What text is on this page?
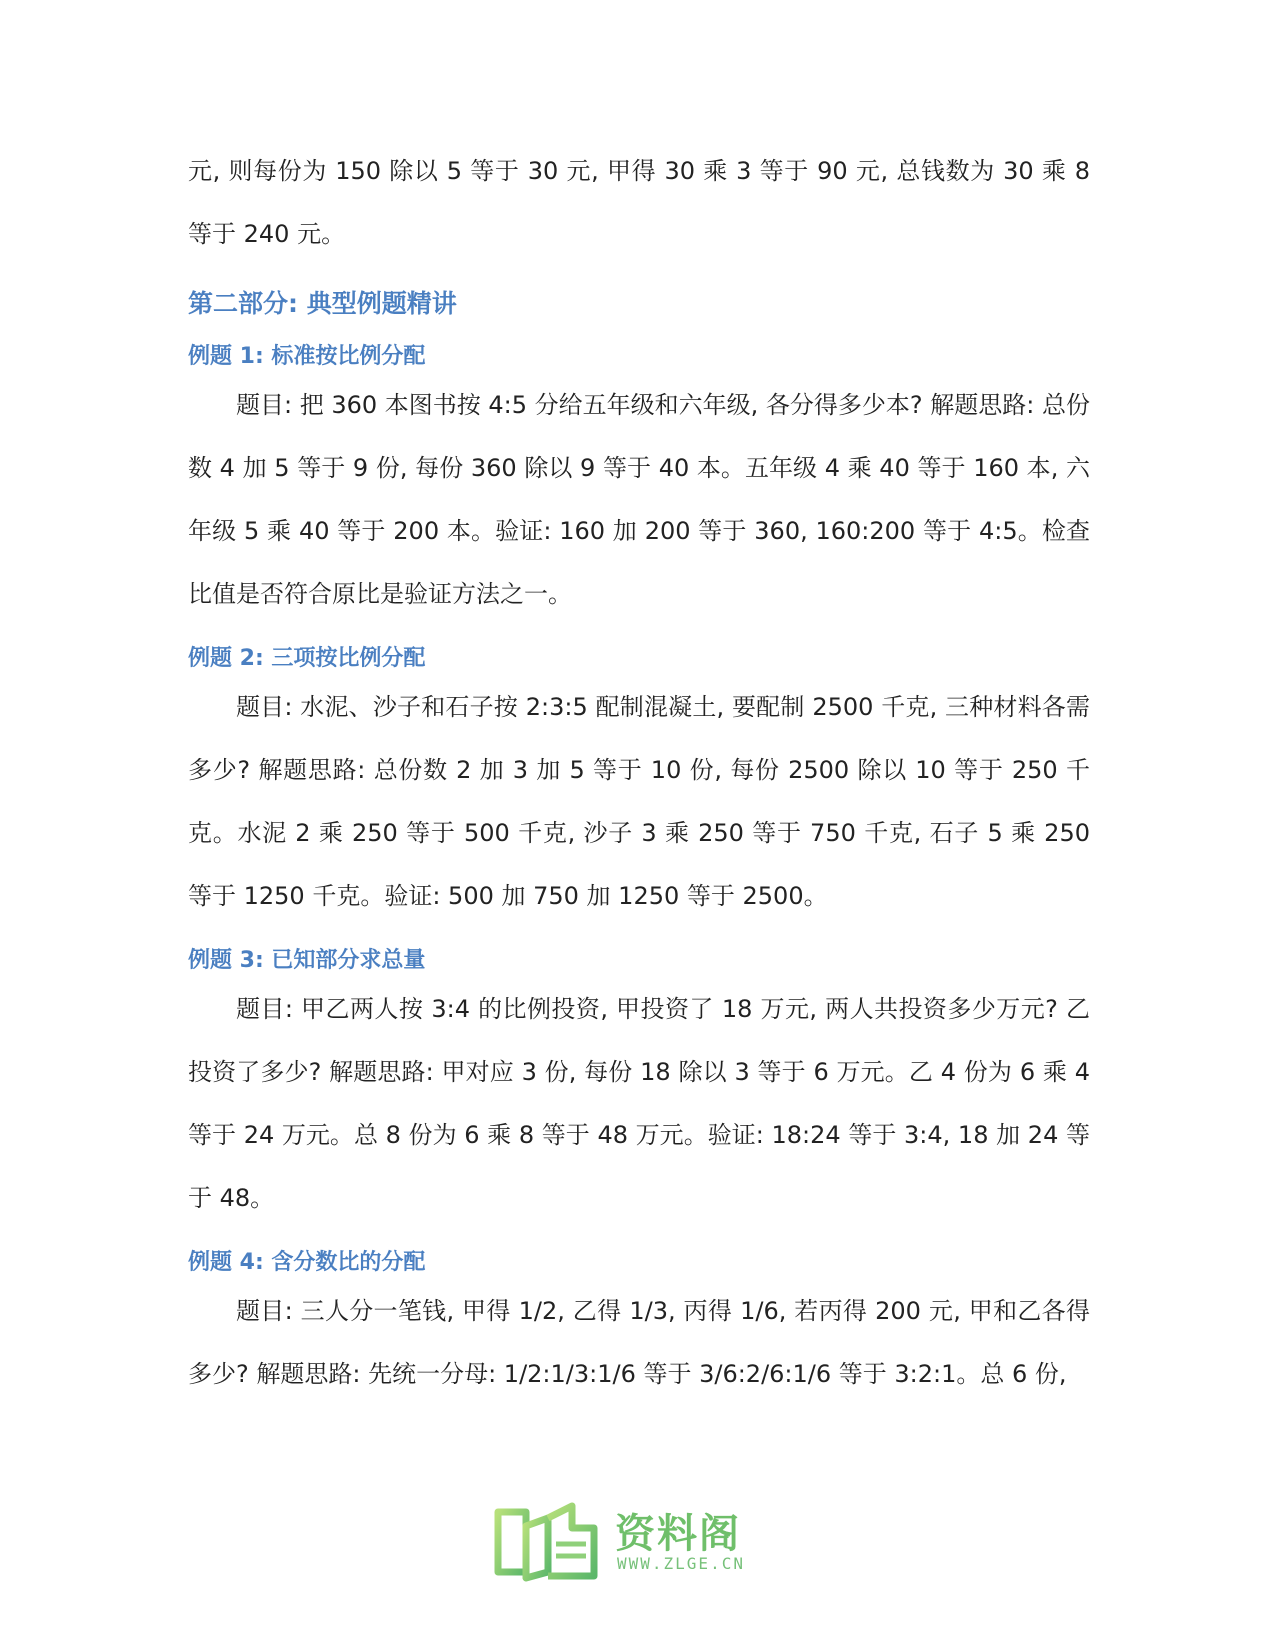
元, 则每份为 150 除以 5 等于 30 元, 甲得 30 乘 3 等于 90 元, 总钱数为 30 乘 8 等于 240 元。

第二部分: 典型例题精讲
例题 1: 标准按比例分配

题目: 把 360 本图书按 4:5 分给五年级和六年级, 各分得多少本? 解题思路: 总份数 4 加 5 等于 9 份, 每份 360 除以 9 等于 40 本。五年级 4 乘 40 等于 160 本, 六年级 5 乘 40 等于 200 本。验证: 160 加 200 等于 360, 160:200 等于 4:5。检查比值是否符合原比是验证方法之一。

例题 2: 三项按比例分配

题目: 水泥、沙子和石子按 2:3:5 配制混凝土, 要配制 2500 千克, 三种材料各需多少? 解题思路: 总份数 2 加 3 加 5 等于 10 份, 每份 2500 除以 10 等于 250 千克。水泥 2 乘 250 等于 500 千克, 沙子 3 乘 250 等于 750 千克, 石子 5 乘 250 等于 1250 千克。验证: 500 加 750 加 1250 等于 2500。

例题 3: 已知部分求总量

题目: 甲乙两人按 3:4 的比例投资, 甲投资了 18 万元, 两人共投资多少万元? 乙投资了多少? 解题思路: 甲对应 3 份, 每份 18 除以 3 等于 6 万元。乙 4 份为 6 乘 4 等于 24 万元。总 8 份为 6 乘 8 等于 48 万元。验证: 18:24 等于 3:4, 18 加 24 等于 48。

例题 4: 含分数比的分配

题目: 三人分一笔钱, 甲得 1/2, 乙得 1/3, 丙得 1/6, 若丙得 200 元, 甲和乙各得多少? 解题思路: 先统一分母: 1/2:1/3:1/6 等于 3/6:2/6:1/6 等于 3:2:1。总 6 份,

资料阁
WWW.ZLGE.CN
